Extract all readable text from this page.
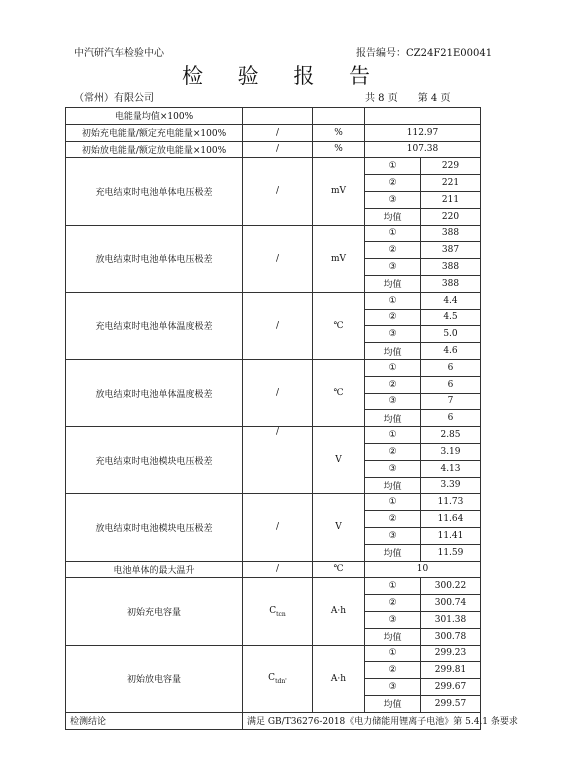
中汽研汽车检验中心	报告编号：CZ24F21E00041
检 验 报 告
（常州）有限公司	共 8 页 第 4 页
电能量均值×100%				
初始充电能量/额定充电能量×100%	/	%	112.97	
初始放电能量/额定放电能量×100%	/	%	107.38	
充电结束时电池单体电压极差	/	mV	①	229
			②	221
			③	211
			均值	220
放电结束时电池单体电压极差	/	mV	①	388
			②	387
			③	388
			均值	388
充电结束时电池单体温度极差	/	℃	①	4.4
			②	4.5
			③	5.0
			均值	4.6
放电结束时电池单体温度极差	/	℃	①	6
			②	6
			③	7
			均值	6
充电结束时电池模块电压极差	/	V	①	2.85
			②	3.19
			③	4.13
			均值	3.39
放电结束时电池模块电压极差	/	V	①	11.73
			②	11.64
			③	11.41
			均值	11.59
电池单体的最大温升	/	℃	10	
初始充电容量	$C_{tcn}$	A·h	①	300.22
			②	300.74
			③	301.38
			均值	300.78
初始放电容量	$C_{tdn'}$	A·h	①	299.23
			②	299.81
			③	299.67
			均值	299.57
检测结论	满足 GB/T36276-2018《电力储能用锂离子电池》第 5.4.1 条要求			
